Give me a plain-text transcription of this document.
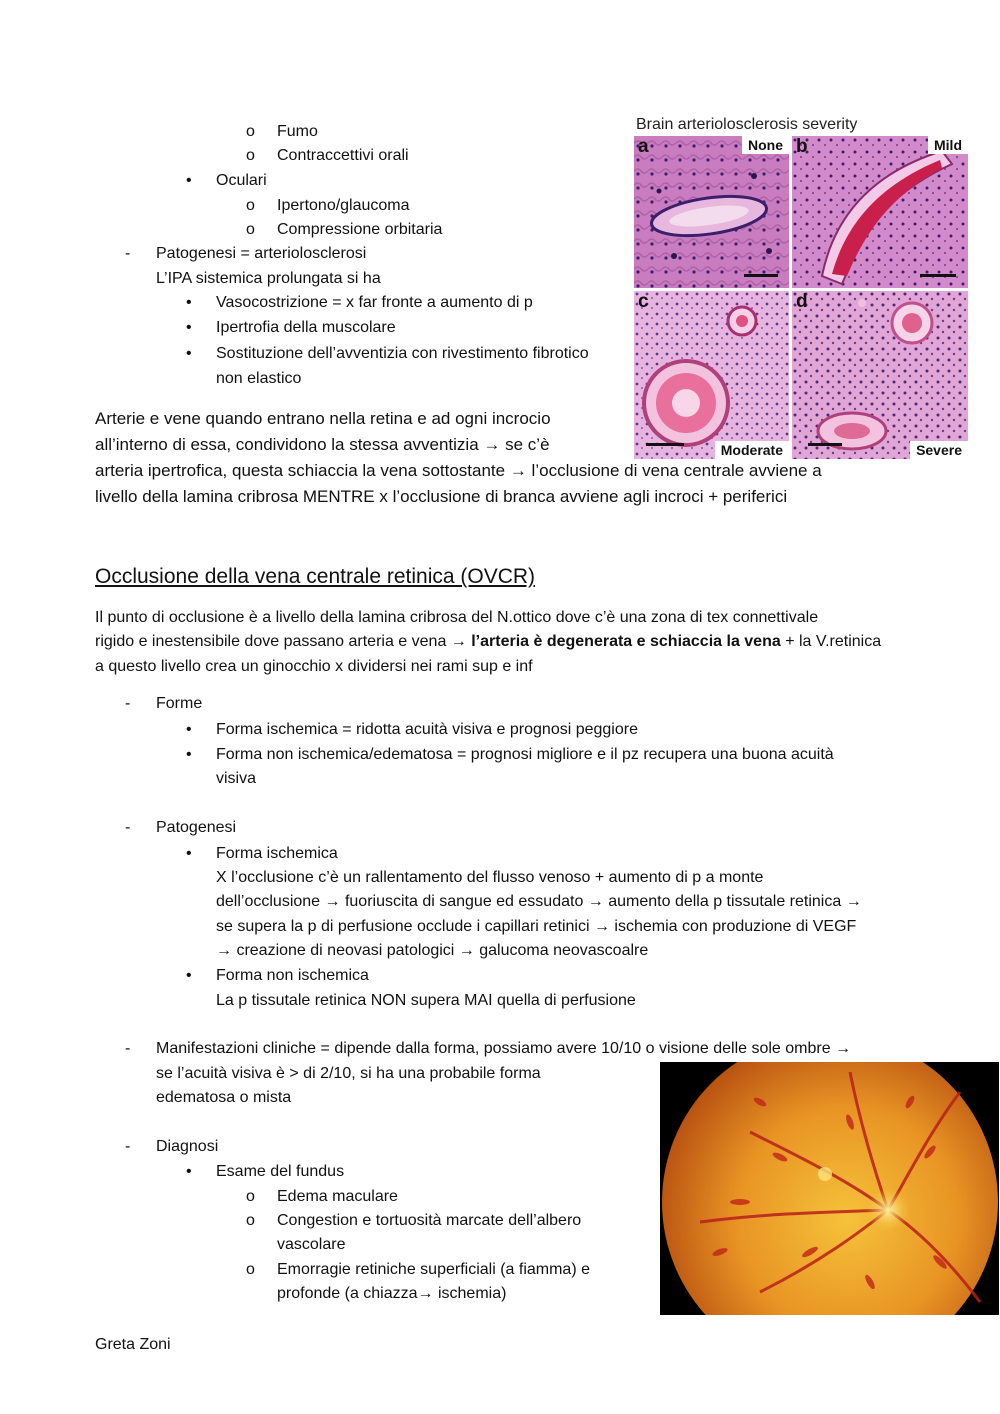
o Fumo
o Contraccettivi orali
• Oculari
o Ipertono/glaucoma
o Compressione orbitaria
- Patogenesi = arteriolosclerosi
L’IPA sistemica prolungata si ha
• Vasocostrizione = x far fronte a aumento di p
• Ipertrofia della muscolare
• Sostituzione dell’avventizia con rivestimento fibrotico
non elastico
Arterie e vene quando entrano nella retina e ad ogni incrocio
all’interno di essa, condividono la stessa avventizia → se c’è
arteria ipertrofica, questa schiaccia la vena sottostante → l’occlusione di vena centrale avviene a
livello della lamina cribrosa MENTRE x l’occlusione di branca avviene agli incroci + periferici
Brain arteriolosclerosis severity
a	None b	Mild
c
Moderate
d
Severe
Occlusione della vena centrale retinica (OVCR)
Il punto di occlusione è a livello della lamina cribrosa del N.ottico dove c’è una zona di tex connettivale
rigido e inestensibile dove passano arteria e vena → l’arteria è degenerata e schiaccia la vena + la V.retinica
a questo livello crea un ginocchio x dividersi nei rami sup e inf
- Forme
• Forma ischemica = ridotta acuità visiva e prognosi peggiore
• Forma non ischemica/edematosa = prognosi migliore e il pz recupera una buona acuità
visiva
- Patogenesi
• Forma ischemica
X l’occlusione c’è un rallentamento del flusso venoso + aumento di p a monte
dell’occlusione → fuoriuscita di sangue ed essudato → aumento della p tissutale retinica →
se supera la p di perfusione occlude i capillari retinici → ischemia con produzione di VEGF
→ creazione di neovasi patologici → galucoma neovascoalre
• Forma non ischemica
La p tissutale retinica NON supera MAI quella di perfusione
- Manifestazioni cliniche = dipende dalla forma, possiamo avere 10/10 o visione delle sole ombre →
se l’acuità visiva è > di 2/10, si ha una probabile forma
edematosa o mista
- Diagnosi
• Esame del fundus
o Edema maculare
o Congestion e tortuosità marcate dell’albero
vascolare
o Emorragie retiniche superficiali (a fiamma) e
profonde (a chiazza→ ischemia)
Greta Zoni
